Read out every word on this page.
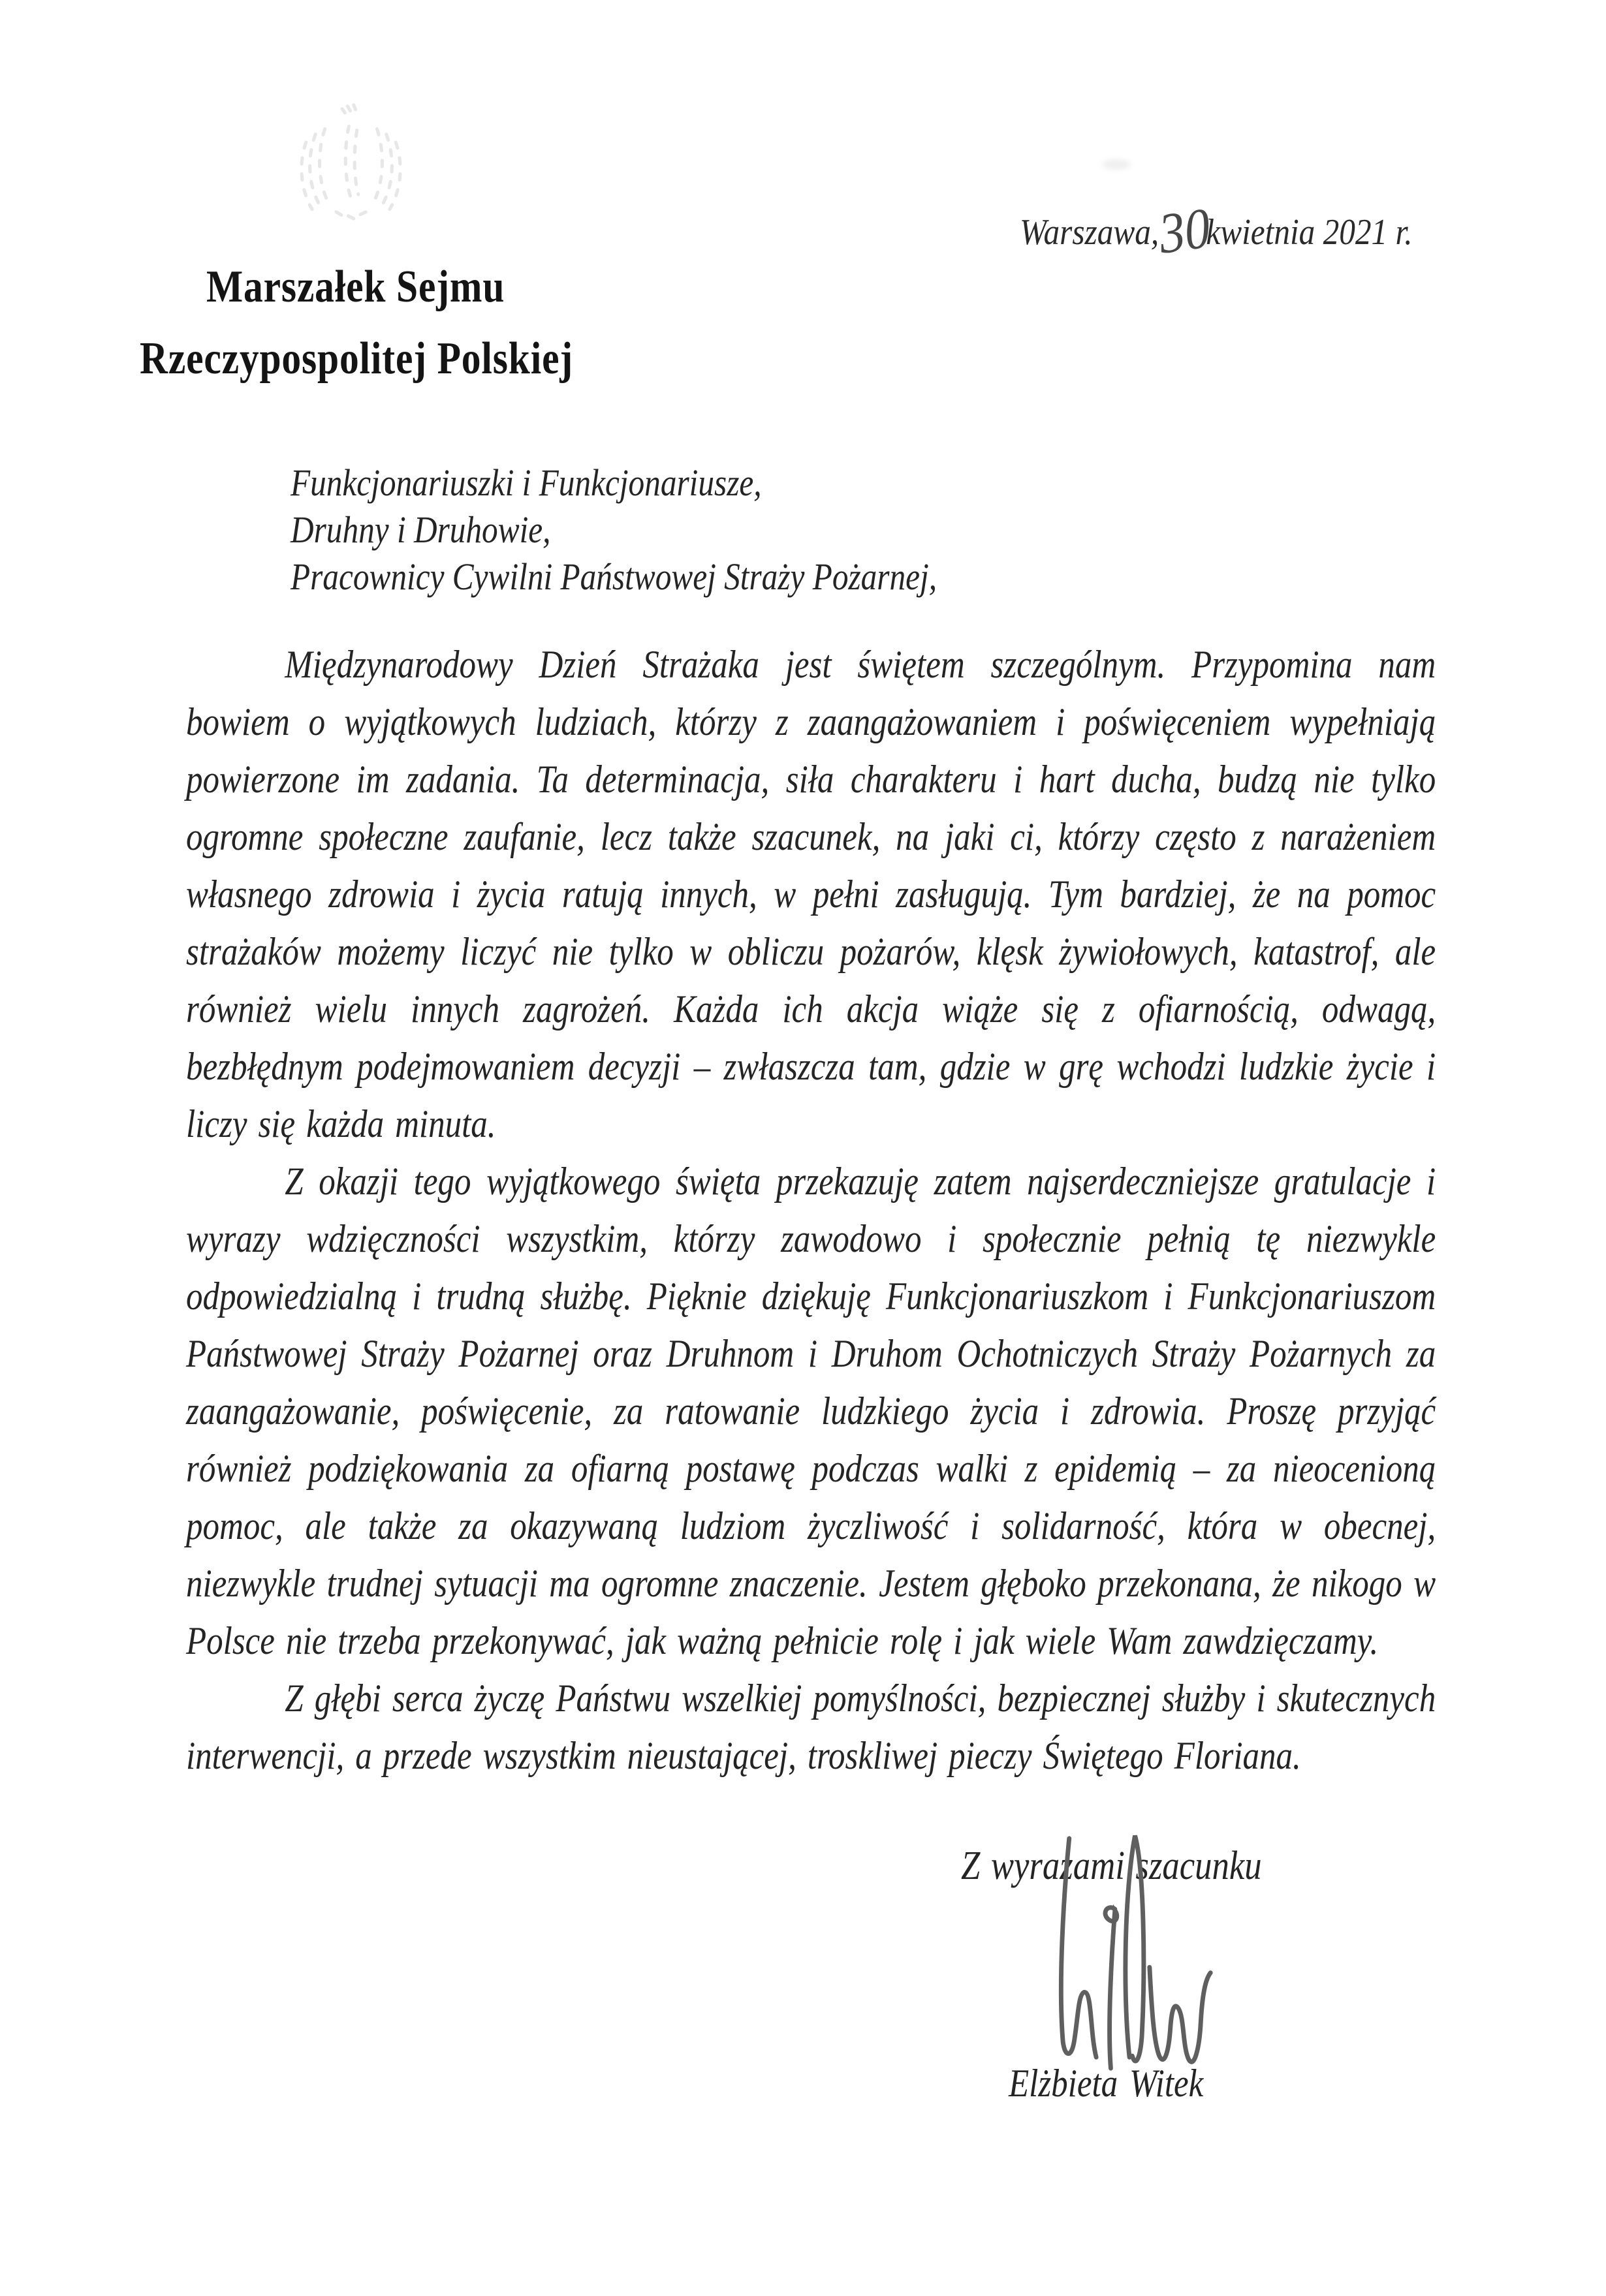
Marszałek Sejmu
Rzeczypospolitej Polskiej
Warszawa,30kwietnia 2021 r.
Funkcjonariuszki i Funkcjonariusze,
Druhny i Druhowie,
Pracownicy Cywilni Państwowej Straży Pożarnej,

Międzynarodowy Dzień Strażaka jest świętem szczególnym. Przypomina nam bowiem o wyjątkowych ludziach, którzy z zaangażowaniem i poświęceniem wypełniają powierzone im zadania. Ta determinacja, siła charakteru i hart ducha, budzą nie tylko ogromne społeczne zaufanie, lecz także szacunek, na jaki ci, którzy często z narażeniem własnego zdrowia i życia ratują innych, w pełni zasługują. Tym bardziej, że na pomoc strażaków możemy liczyć nie tylko w obliczu pożarów, klęsk żywiołowych, katastrof, ale również wielu innych zagrożeń. Każda ich akcja wiąże się z ofiarnością, odwagą, bezbłędnym podejmowaniem decyzji – zwłaszcza tam, gdzie w grę wchodzi ludzkie życie i liczy się każda minuta.

Z okazji tego wyjątkowego święta przekazuję zatem najserdeczniejsze gratulacje i wyrazy wdzięczności wszystkim, którzy zawodowo i społecznie pełnią tę niezwykle odpowiedzialną i trudną służbę. Pięknie dziękuję Funkcjonariuszkom i Funkcjonariuszom Państwowej Straży Pożarnej oraz Druhnom i Druhom Ochotniczych Straży Pożarnych za zaangażowanie, poświęcenie, za ratowanie ludzkiego życia i zdrowia. Proszę przyjąć również podziękowania za ofiarną postawę podczas walki z epidemią – za nieocenioną pomoc, ale także za okazywaną ludziom życzliwość i solidarność, która w obecnej, niezwykle trudnej sytuacji ma ogromne znaczenie. Jestem głęboko przekonana, że nikogo w Polsce nie trzeba przekonywać, jak ważną pełnicie rolę i jak wiele Wam zawdzięczamy.

Z głębi serca życzę Państwu wszelkiej pomyślności, bezpiecznej służby i skutecznych interwencji, a przede wszystkim nieustającej, troskliwej pieczy Świętego Floriana.

Z wyrazami szacunku
Elżbieta Witek
